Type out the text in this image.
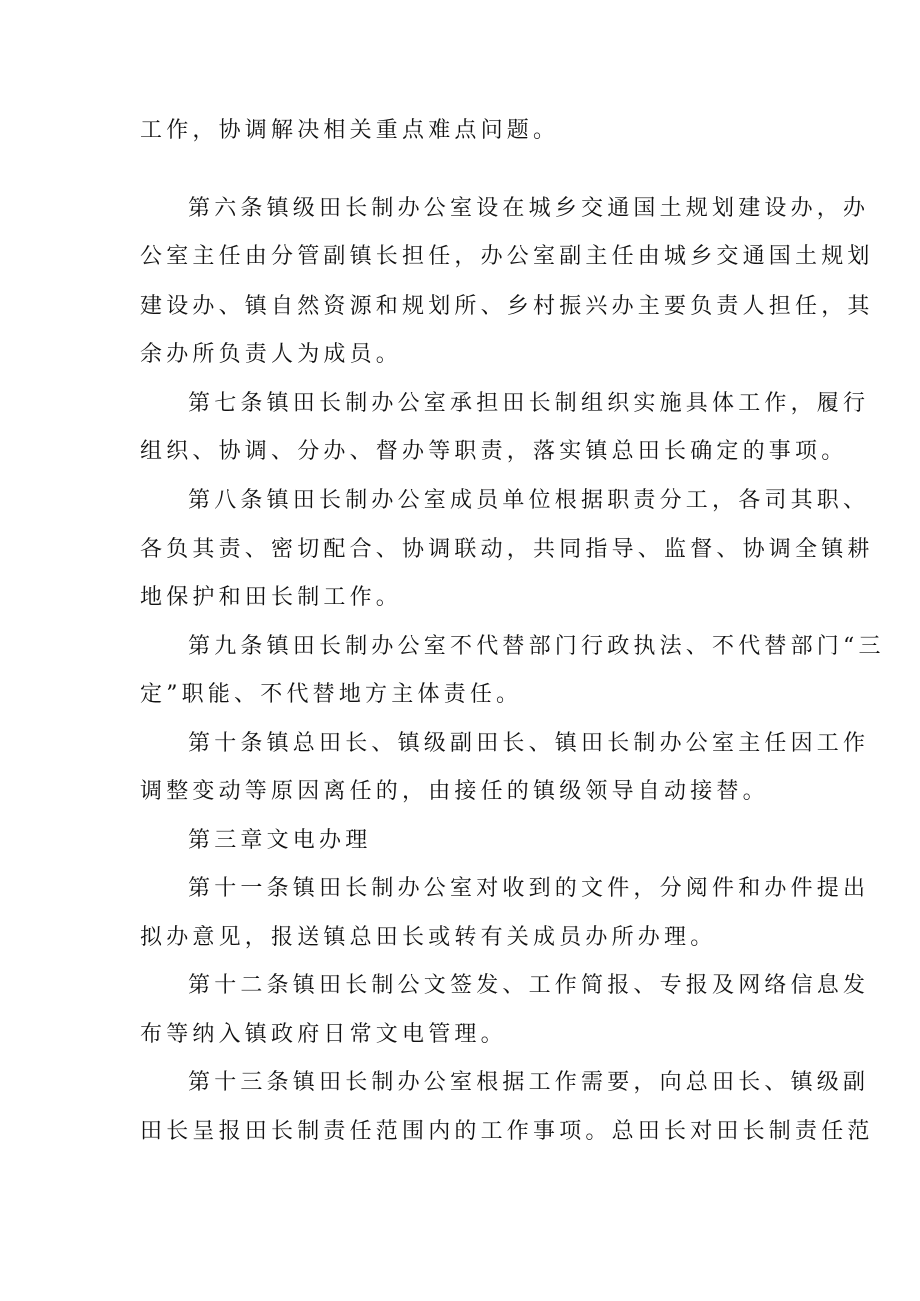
工作，协调解决相关重点难点问题。
第六条镇级田长制办公室设在城乡交通国土规划建设办，办
公室主任由分管副镇长担任，办公室副主任由城乡交通国土规划
建设办、镇自然资源和规划所、乡村振兴办主要负责人担任，其
余办所负责人为成员。
第七条镇田长制办公室承担田长制组织实施具体工作，履行
组织、协调、分办、督办等职责，落实镇总田长确定的事项。
第八条镇田长制办公室成员单位根据职责分工，各司其职、
各负其责、密切配合、协调联动，共同指导、监督、协调全镇耕
地保护和田长制工作。
第九条镇田长制办公室不代替部门行政执法、不代替部门“三
定”职能、不代替地方主体责任。
第十条镇总田长、镇级副田长、镇田长制办公室主任因工作
调整变动等原因离任的，由接任的镇级领导自动接替。
第三章文电办理
第十一条镇田长制办公室对收到的文件，分阅件和办件提出
拟办意见，报送镇总田长或转有关成员办所办理。
第十二条镇田长制公文签发、工作简报、专报及网络信息发
布等纳入镇政府日常文电管理。
第十三条镇田长制办公室根据工作需要，向总田长、镇级副
田长呈报田长制责任范围内的工作事项。总田长对田长制责任范
